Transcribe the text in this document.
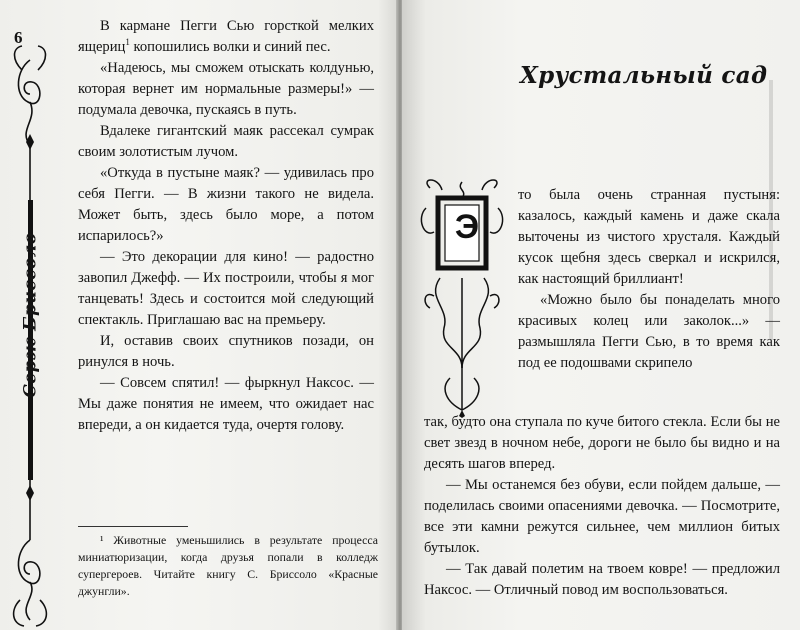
6
Серж Бриссоло

В кармане Пегги Сью горсткой мелких ящериц$^1$ копошились волки и синий пес.

«Надеюсь, мы сможем отыскать колдунью, которая вернет им нормальные размеры!» — подумала девочка, пускаясь в путь.

Вдалеке гигантский маяк рассекал сумрак своим золотистым лучом.

«Откуда в пустыне маяк? — удивилась про себя Пегги. — В жизни такого не видела. Может быть, здесь было море, а потом испарилось?»

— Это декорации для кино! — радостно завопил Джефф. — Их построили, чтобы я мог танцевать! Здесь и состоится мой следующий спектакль. Приглашаю вас на премьеру.

И, оставив своих спутников позади, он ринулся в ночь.

— Совсем спятил! — фыркнул Наксос. — Мы даже понятия не имеем, что ожидает нас впереди, а он кидается туда, очертя голову.

¹ Животные уменьшились в результате процесса миниатюризации, когда друзья попали в колледж супергероев. Читайте книгу С. Бриссоло «Красные джунгли».

Хрустальный сад
Э

то была очень странная пустыня: казалось, каждый камень и даже скала выточены из чистого хрусталя. Каждый кусок щебня здесь сверкал и искрился, как настоящий бриллиант!

«Можно было бы понаделать много красивых колец или заколок...» — размышляла Пегги Сью, в то время как под ее подошвами скрипело

так, будто она ступала по куче битого стекла. Если бы не свет звезд в ночном небе, дороги не было бы видно и на десять шагов вперед.

— Мы останемся без обуви, если пойдем дальше, — поделилась своими опасениями девочка. — Посмотрите, все эти камни режутся сильнее, чем миллион битых бутылок.

— Так давай полетим на твоем ковре! — предложил Наксос. — Отличный повод им воспользоваться.
